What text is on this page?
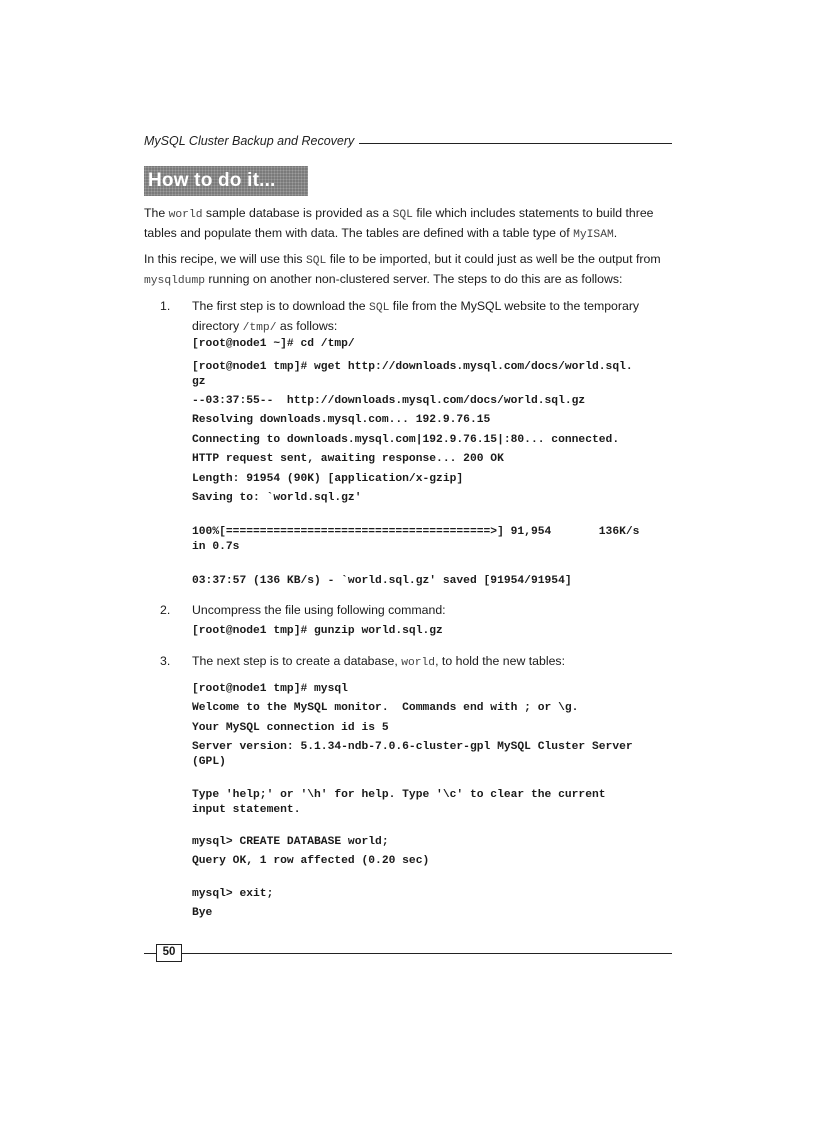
MySQL Cluster Backup and Recovery
How to do it...

The world sample database is provided as a SQL file which includes statements to build three tables and populate them with data. The tables are defined with a table type of MyISAM.

In this recipe, we will use this SQL file to be imported, but it could just as well be the output from mysqldump running on another non-clustered server. The steps to do this are as follows:

1. The first step is to download the SQL file from the MySQL website to the temporary directory /tmp/ as follows:
[root@node1 ~]# cd /tmp/
[root@node1 tmp]# wget http://downloads.mysql.com/docs/world.sql.
gz
--03:37:55--  http://downloads.mysql.com/docs/world.sql.gz
Resolving downloads.mysql.com... 192.9.76.15
Connecting to downloads.mysql.com|192.9.76.15|:80... connected.
HTTP request sent, awaiting response... 200 OK
Length: 91954 (90K) [application/x-gzip]
Saving to: `world.sql.gz'
100%[=======================================>] 91,954       136K/s
in 0.7s
03:37:57 (136 KB/s) - `world.sql.gz' saved [91954/91954]
2. Uncompress the file using following command:
[root@node1 tmp]# gunzip world.sql.gz
3. The next step is to create a database, world, to hold the new tables:
[root@node1 tmp]# mysql
Welcome to the MySQL monitor.  Commands end with ; or \g.
Your MySQL connection id is 5
Server version: 5.1.34-ndb-7.0.6-cluster-gpl MySQL Cluster Server
(GPL)
Type 'help;' or '\h' for help. Type '\c' to clear the current
input statement.
mysql> CREATE DATABASE world;
Query OK, 1 row affected (0.20 sec)
mysql> exit;
Bye
50
